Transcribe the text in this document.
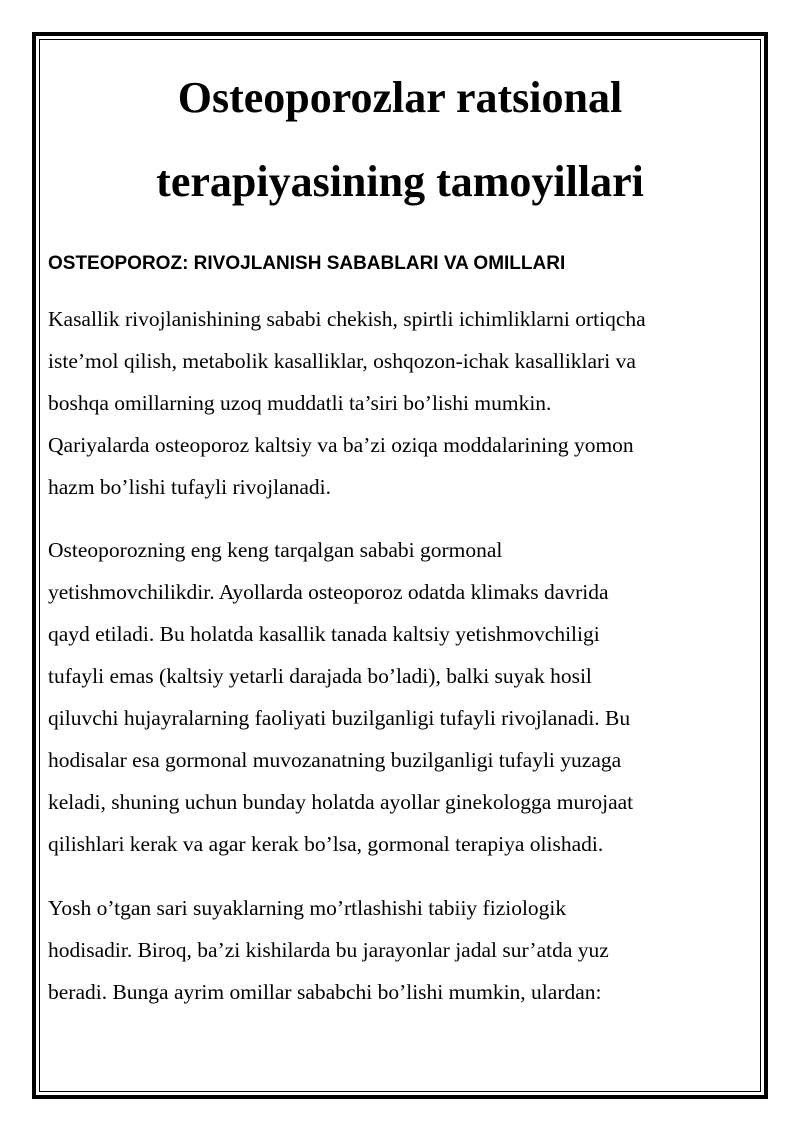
Osteoporozlar ratsional
terapiyasining tamoyillari
OSTEOPOROZ: RIVOJLANISH SABABLARI VA OMILLARI

Kasallik rivojlanishining sababi chekish, spirtli ichimliklarni ortiqcha
iste’mol qilish, metabolik kasalliklar, oshqozon-ichak kasalliklari va
boshqa omillarning uzoq muddatli ta’siri bo’lishi mumkin.
Qariyalarda osteoporoz kaltsiy va ba’zi oziqa moddalarining yomon
hazm bo’lishi tufayli rivojlanadi.

Osteoporozning eng keng tarqalgan sababi gormonal
yetishmovchilikdir. Ayollarda osteoporoz odatda klimaks davrida
qayd etiladi. Bu holatda kasallik tanada kaltsiy yetishmovchiligi
tufayli emas (kaltsiy yetarli darajada bo’ladi), balki suyak hosil
qiluvchi hujayralarning faoliyati buzilganligi tufayli rivojlanadi. Bu
hodisalar esa gormonal muvozanatning buzilganligi tufayli yuzaga
keladi, shuning uchun bunday holatda ayollar ginekologga murojaat
qilishlari kerak va agar kerak bo’lsa, gormonal terapiya olishadi.

Yosh o’tgan sari suyaklarning mo’rtlashishi tabiiy fiziologik
hodisadir. Biroq, ba’zi kishilarda bu jarayonlar jadal sur’atda yuz
beradi. Bunga ayrim omillar sababchi bo’lishi mumkin, ulardan:
